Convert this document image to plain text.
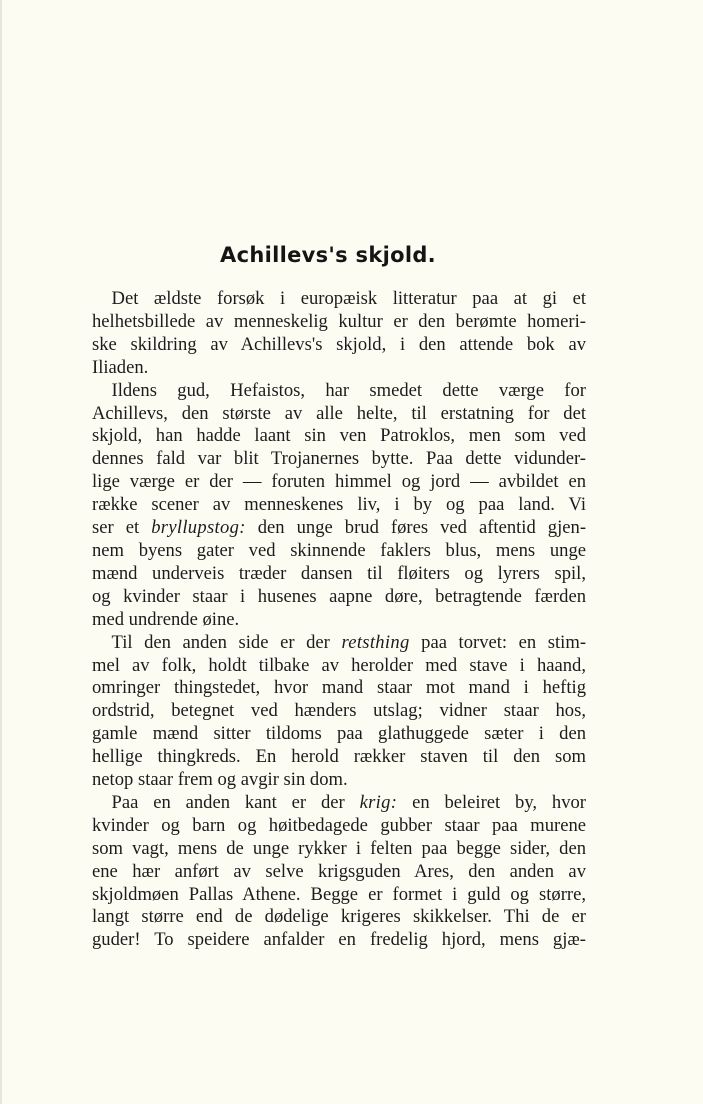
Achillevs's skjold.

Det ældste forsøk i europæisk litteratur paa at gi et
helhetsbillede av menneskelig kultur er den berømte homeri-
ske skildring av Achillevs's skjold, i den attende bok av
Iliaden.

Ildens gud, Hefaistos, har smedet dette værge for
Achillevs, den største av alle helte, til erstatning for det
skjold, han hadde laant sin ven Patroklos, men som ved
dennes fald var blit Trojanernes bytte. Paa dette vidunder-
lige værge er der — foruten himmel og jord — avbildet en
række scener av menneskenes liv, i by og paa land. Vi
ser et bryllupstog: den unge brud føres ved aftentid gjen-
nem byens gater ved skinnende faklers blus, mens unge
mænd underveis træder dansen til fløiters og lyrers spil,
og kvinder staar i husenes aapne døre, betragtende færden
med undrende øine.

Til den anden side er der retsthing paa torvet: en stim-
mel av folk, holdt tilbake av herolder med stave i haand,
omringer thingstedet, hvor mand staar mot mand i heftig
ordstrid, betegnet ved hænders utslag; vidner staar hos,
gamle mænd sitter tildoms paa glathuggede sæter i den
hellige thingkreds. En herold rækker staven til den som
netop staar frem og avgir sin dom.

Paa en anden kant er der krig: en beleiret by, hvor
kvinder og barn og høitbedagede gubber staar paa murene
som vagt, mens de unge rykker i felten paa begge sider, den
ene hær anført av selve krigsguden Ares, den anden av
skjoldmøen Pallas Athene. Begge er formet i guld og større,
langt større end de dødelige krigeres skikkelser. Thi de er
guder! To speidere anfalder en fredelig hjord, mens gjæ-
